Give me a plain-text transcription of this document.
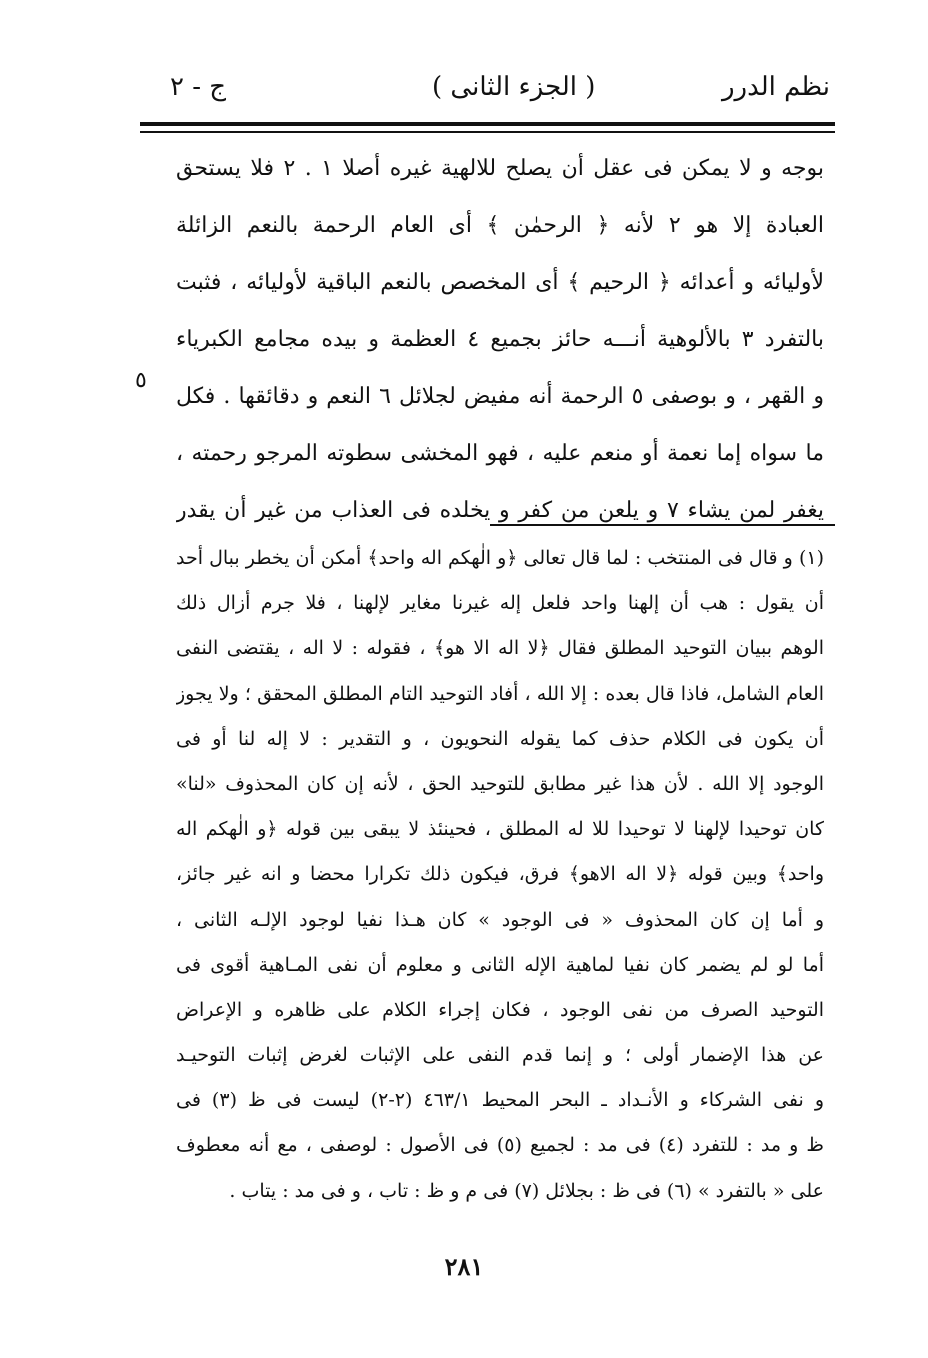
ج - ٢	( الجزء الثانى )	نظم الدرر
بوجه و لا يمكن فى عقل أن يصلح للالهية غيره أصلا ١ . ٢ فلا يستحق
العبادة إلا هو ٢ لأنه ﴿ الرحمٰن ﴾ أى العام الرحمة بالنعم الزائلة
لأوليائه و أعدائه ﴿ الرحيم ﴾ أى المخصص بالنعم الباقية لأوليائه ، فثبت
بالتفرد ٣ بالألوهية أنـــه حائز بجميع ٤ العظمة و بيده مجامع الكبرياء
و القهر ، و بوصفى ٥ الرحمة أنه مفيض لجلائل ٦ النعم و دقائقها . فكل
ما سواه إما نعمة أو منعم عليه ، فهو المخشى سطوته المرجو رحمته ،
يغفر لمن يشاء ٧ و يلعن من كفر و يخلده فى العذاب من غير أن يقدر
٥
(١) و قال فى المنتخب : لما قال تعالى ﴿و الٰهكم اله واحد﴾ أمكن أن يخطر ببال أحد
أن يقول : هب أن إلهنا واحد فلعل إله غيرنا مغاير لإلهنا ، فلا جرم أزال ذلك
الوهم ببيان التوحيد المطلق فقال ﴿لا اله الا هو﴾ ، فقوله : لا اله ، يقتضى النفى
العام الشامل، فاذا قال بعده : إلا الله ، أفاد التوحيد التام المطلق المحقق ؛ ولا يجوز
أن يكون فى الكلام حذف كما يقوله النحويون ، و التقدير : لا إله لنا أو فى
الوجود إلا الله . لأن هذا غير مطابق للتوحيد الحق ، لأنه إن كان المحذوف «لنا»
كان توحيدا لإلهنا لا توحيدا للا له المطلق ، فحينئذ لا يبقى بين قوله ﴿و الٰهكم اله
واحد﴾ وبين قوله ﴿لا اله الاهو﴾ فرق، فيكون ذلك تكرارا محضا و انه غير جائز،
و أما إن كان المحذوف « فى الوجود » كان هـذا نفيا لوجود الإلـه الثانى ،
أما لو لم يضمر كان نفيا لماهية الإله الثانى و معلوم أن نفى المـاهية أقوى فى
التوحيد الصرف من نفى الوجود ، فكان إجراء الكلام على ظاهره و الإعراض
عن هذا الإضمار أولى ؛ و إنما قدم النفى على الإثبات لغرض إثبات التوحيـد
و نفى الشركاء و الأنـداد ـ البحر المحيط ٤٦٣/١ (٢-٢) ليست فى ظ (٣) فى
ظ و مد : للتفرد (٤) فى مد : لجميع (٥) فى الأصول : لوصفى ، مع أنه معطوف
على « بالتفرد » (٦) فى ظ : بجلائل (٧) فى م و ظ : تاب ، و فى مد : يتاب .
٢٨١
